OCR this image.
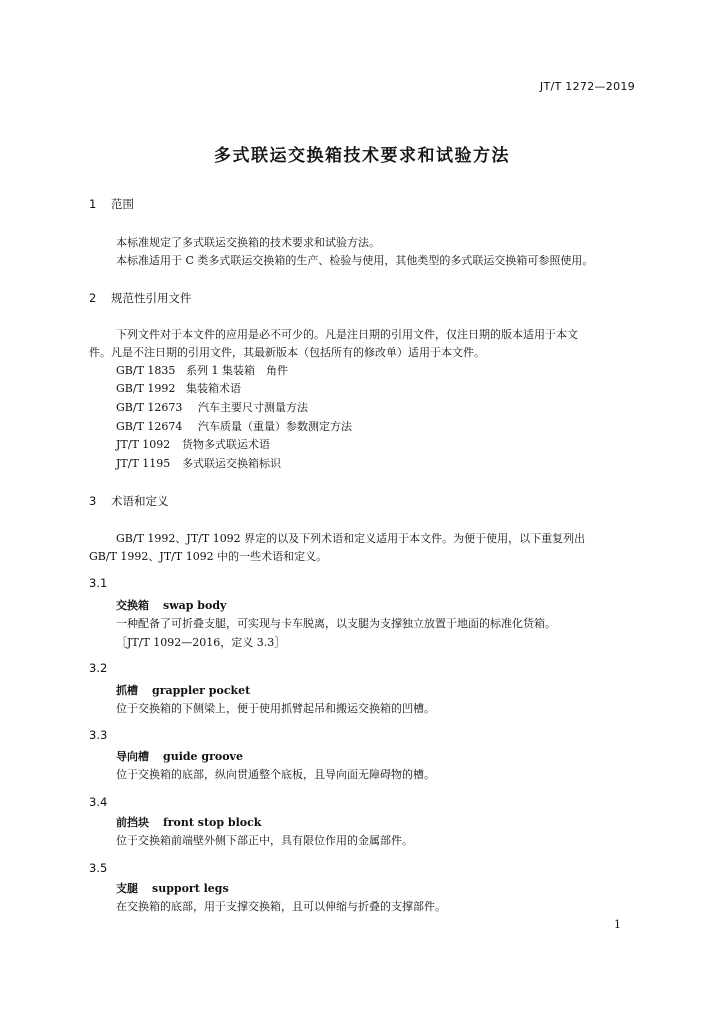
JT/T 1272—2019
多式联运交换箱技术要求和试验方法
1 范围
本标准规定了多式联运交换箱的技术要求和试验方法。
本标准适用于 C 类多式联运交换箱的生产、检验与使用，其他类型的多式联运交换箱可参照使用。
2 规范性引用文件
下列文件对于本文件的应用是必不可少的。凡是注日期的引用文件，仅注日期的版本适用于本文
件。凡是不注日期的引用文件，其最新版本（包括所有的修改单）适用于本文件。
GB/T 1835 系列 1 集装箱　角件
GB/T 1992 集装箱术语
GB/T 12673 汽车主要尺寸测量方法
GB/T 12674 汽车质量（重量）参数测定方法
JT/T 1092 货物多式联运术语
JT/T 1195 多式联运交换箱标识
3 术语和定义
GB/T 1992、JT/T 1092 界定的以及下列术语和定义适用于本文件。为便于使用，以下重复列出
GB/T 1992、JT/T 1092 中的一些术语和定义。
3.1
交换箱 swap body
一种配备了可折叠支腿，可实现与卡车脱离，以支腿为支撑独立放置于地面的标准化货箱。
［JT/T 1092—2016，定义 3.3］
3.2
抓槽 grappler pocket
位于交换箱的下侧梁上，便于使用抓臂起吊和搬运交换箱的凹槽。
3.3
导向槽 guide groove
位于交换箱的底部，纵向贯通整个底板，且导向面无障碍物的槽。
3.4
前挡块 front stop block
位于交换箱前端壁外侧下部正中，具有限位作用的金属部件。
3.5
支腿 support legs
在交换箱的底部，用于支撑交换箱，且可以伸缩与折叠的支撑部件。
1
